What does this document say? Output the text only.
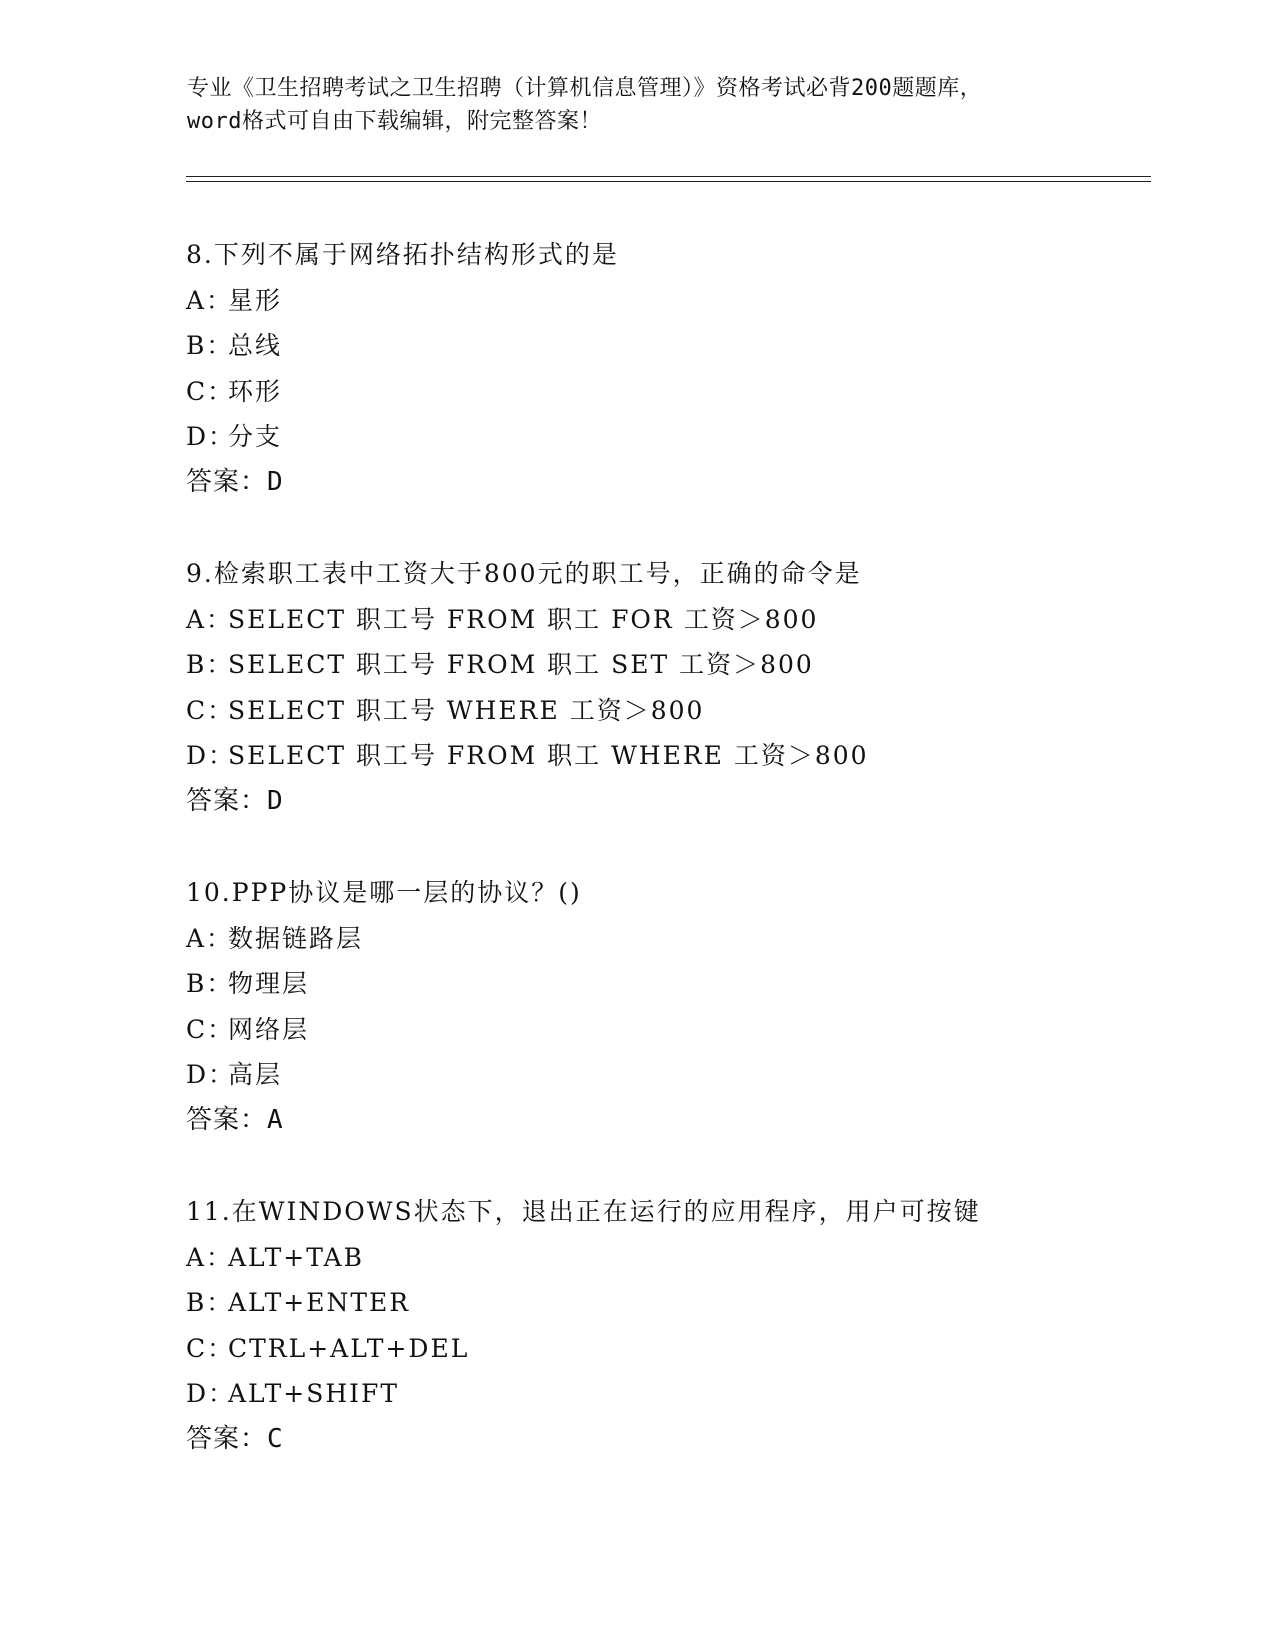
专业《卫生招聘考试之卫生招聘（计算机信息管理）》资格考试必背200题题库，
word格式可自由下载编辑，附完整答案！
8.下列不属于网络拓扑结构形式的是
A：星形
B：总线
C：环形
D：分支
答案：D
9.检索职工表中工资大于800元的职工号，正确的命令是
A：SELECT 职工号 FROM 职工 FOR 工资＞800
B：SELECT 职工号 FROM 职工 SET 工资＞800
C：SELECT 职工号 WHERE 工资＞800
D：SELECT 职工号 FROM 职工 WHERE 工资＞800
答案：D
10.PPP协议是哪一层的协议？()
A：数据链路层
B：物理层
C：网络层
D：高层
答案：A
11.在WINDOWS状态下，退出正在运行的应用程序，用户可按键
A：ALT+TAB
B：ALT+ENTER
C：CTRL+ALT+DEL
D：ALT+SHIFT
答案：C
